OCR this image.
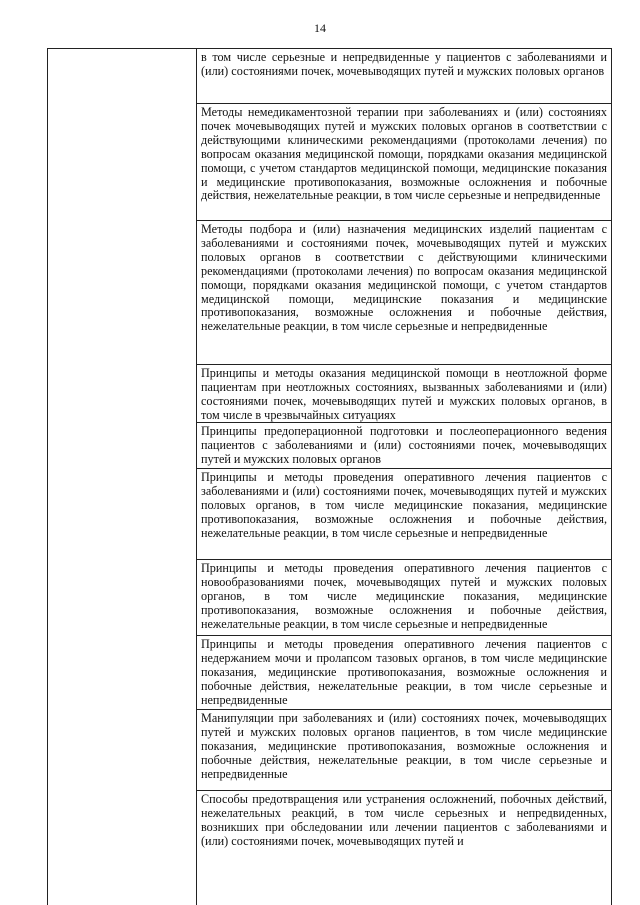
14
в том числе серьезные и непредвиденные у пациентов с заболеваниями и (или) состояниями почек, мочевыводящих путей и мужских половых органов
Методы немедикаментозной терапии при заболеваниях и (или) состояниях почек мочевыводящих путей и мужских половых органов в соответствии с действующими клиническими рекомендациями (протоколами лечения) по вопросам оказания медицинской помощи, порядками оказания медицинской помощи, с учетом стандартов медицинской помощи, медицинские показания и медицинские противопоказания, возможные осложнения и побочные действия, нежелательные реакции, в том числе серьезные и непредвиденные
Методы подбора и (или) назначения медицинских изделий пациентам с заболеваниями и состояниями почек, мочевыводящих путей и мужских половых органов в соответствии с действующими клиническими рекомендациями (протоколами лечения) по вопросам оказания медицинской помощи, порядками оказания медицинской помощи, с учетом стандартов медицинской помощи, медицинские показания и медицинские противопоказания, возможные осложнения и побочные действия, нежелательные реакции, в том числе серьезные и непредвиденные
Принципы и методы оказания медицинской помощи в неотложной форме пациентам при неотложных состояниях, вызванных заболеваниями и (или) состояниями почек, мочевыводящих путей и мужских половых органов, в том числе в чрезвычайных ситуациях
Принципы предоперационной подготовки и послеоперационного ведения пациентов с заболеваниями и (или) состояниями почек, мочевыводящих путей и мужских половых органов
Принципы и методы проведения оперативного лечения пациентов с заболеваниями и (или) состояниями почек, мочевыводящих путей и мужских половых органов, в том числе медицинские показания, медицинские противопоказания, возможные осложнения и побочные действия, нежелательные реакции, в том числе серьезные и непредвиденные
Принципы и методы проведения оперативного лечения пациентов с новообразованиями почек, мочевыводящих путей и мужских половых органов, в том числе медицинские показания, медицинские противопоказания, возможные осложнения и побочные действия, нежелательные реакции, в том числе серьезные и непредвиденные
Принципы и методы проведения оперативного лечения пациентов с недержанием мочи и пролапсом тазовых органов, в том числе медицинские показания, медицинские противопоказания, возможные осложнения и побочные действия, нежелательные реакции, в том числе серьезные и непредвиденные
Манипуляции при заболеваниях и (или) состояниях почек, мочевыводящих путей и мужских половых органов пациентов, в том числе медицинские показания, медицинские противопоказания, возможные осложнения и побочные действия, нежелательные реакции, в том числе серьезные и непредвиденные
Способы предотвращения или устранения осложнений, побочных действий, нежелательных реакций, в том числе серьезных и непредвиденных, возникших при обследовании или лечении пациентов с заболеваниями и (или) состояниями почек, мочевыводящих путей и
